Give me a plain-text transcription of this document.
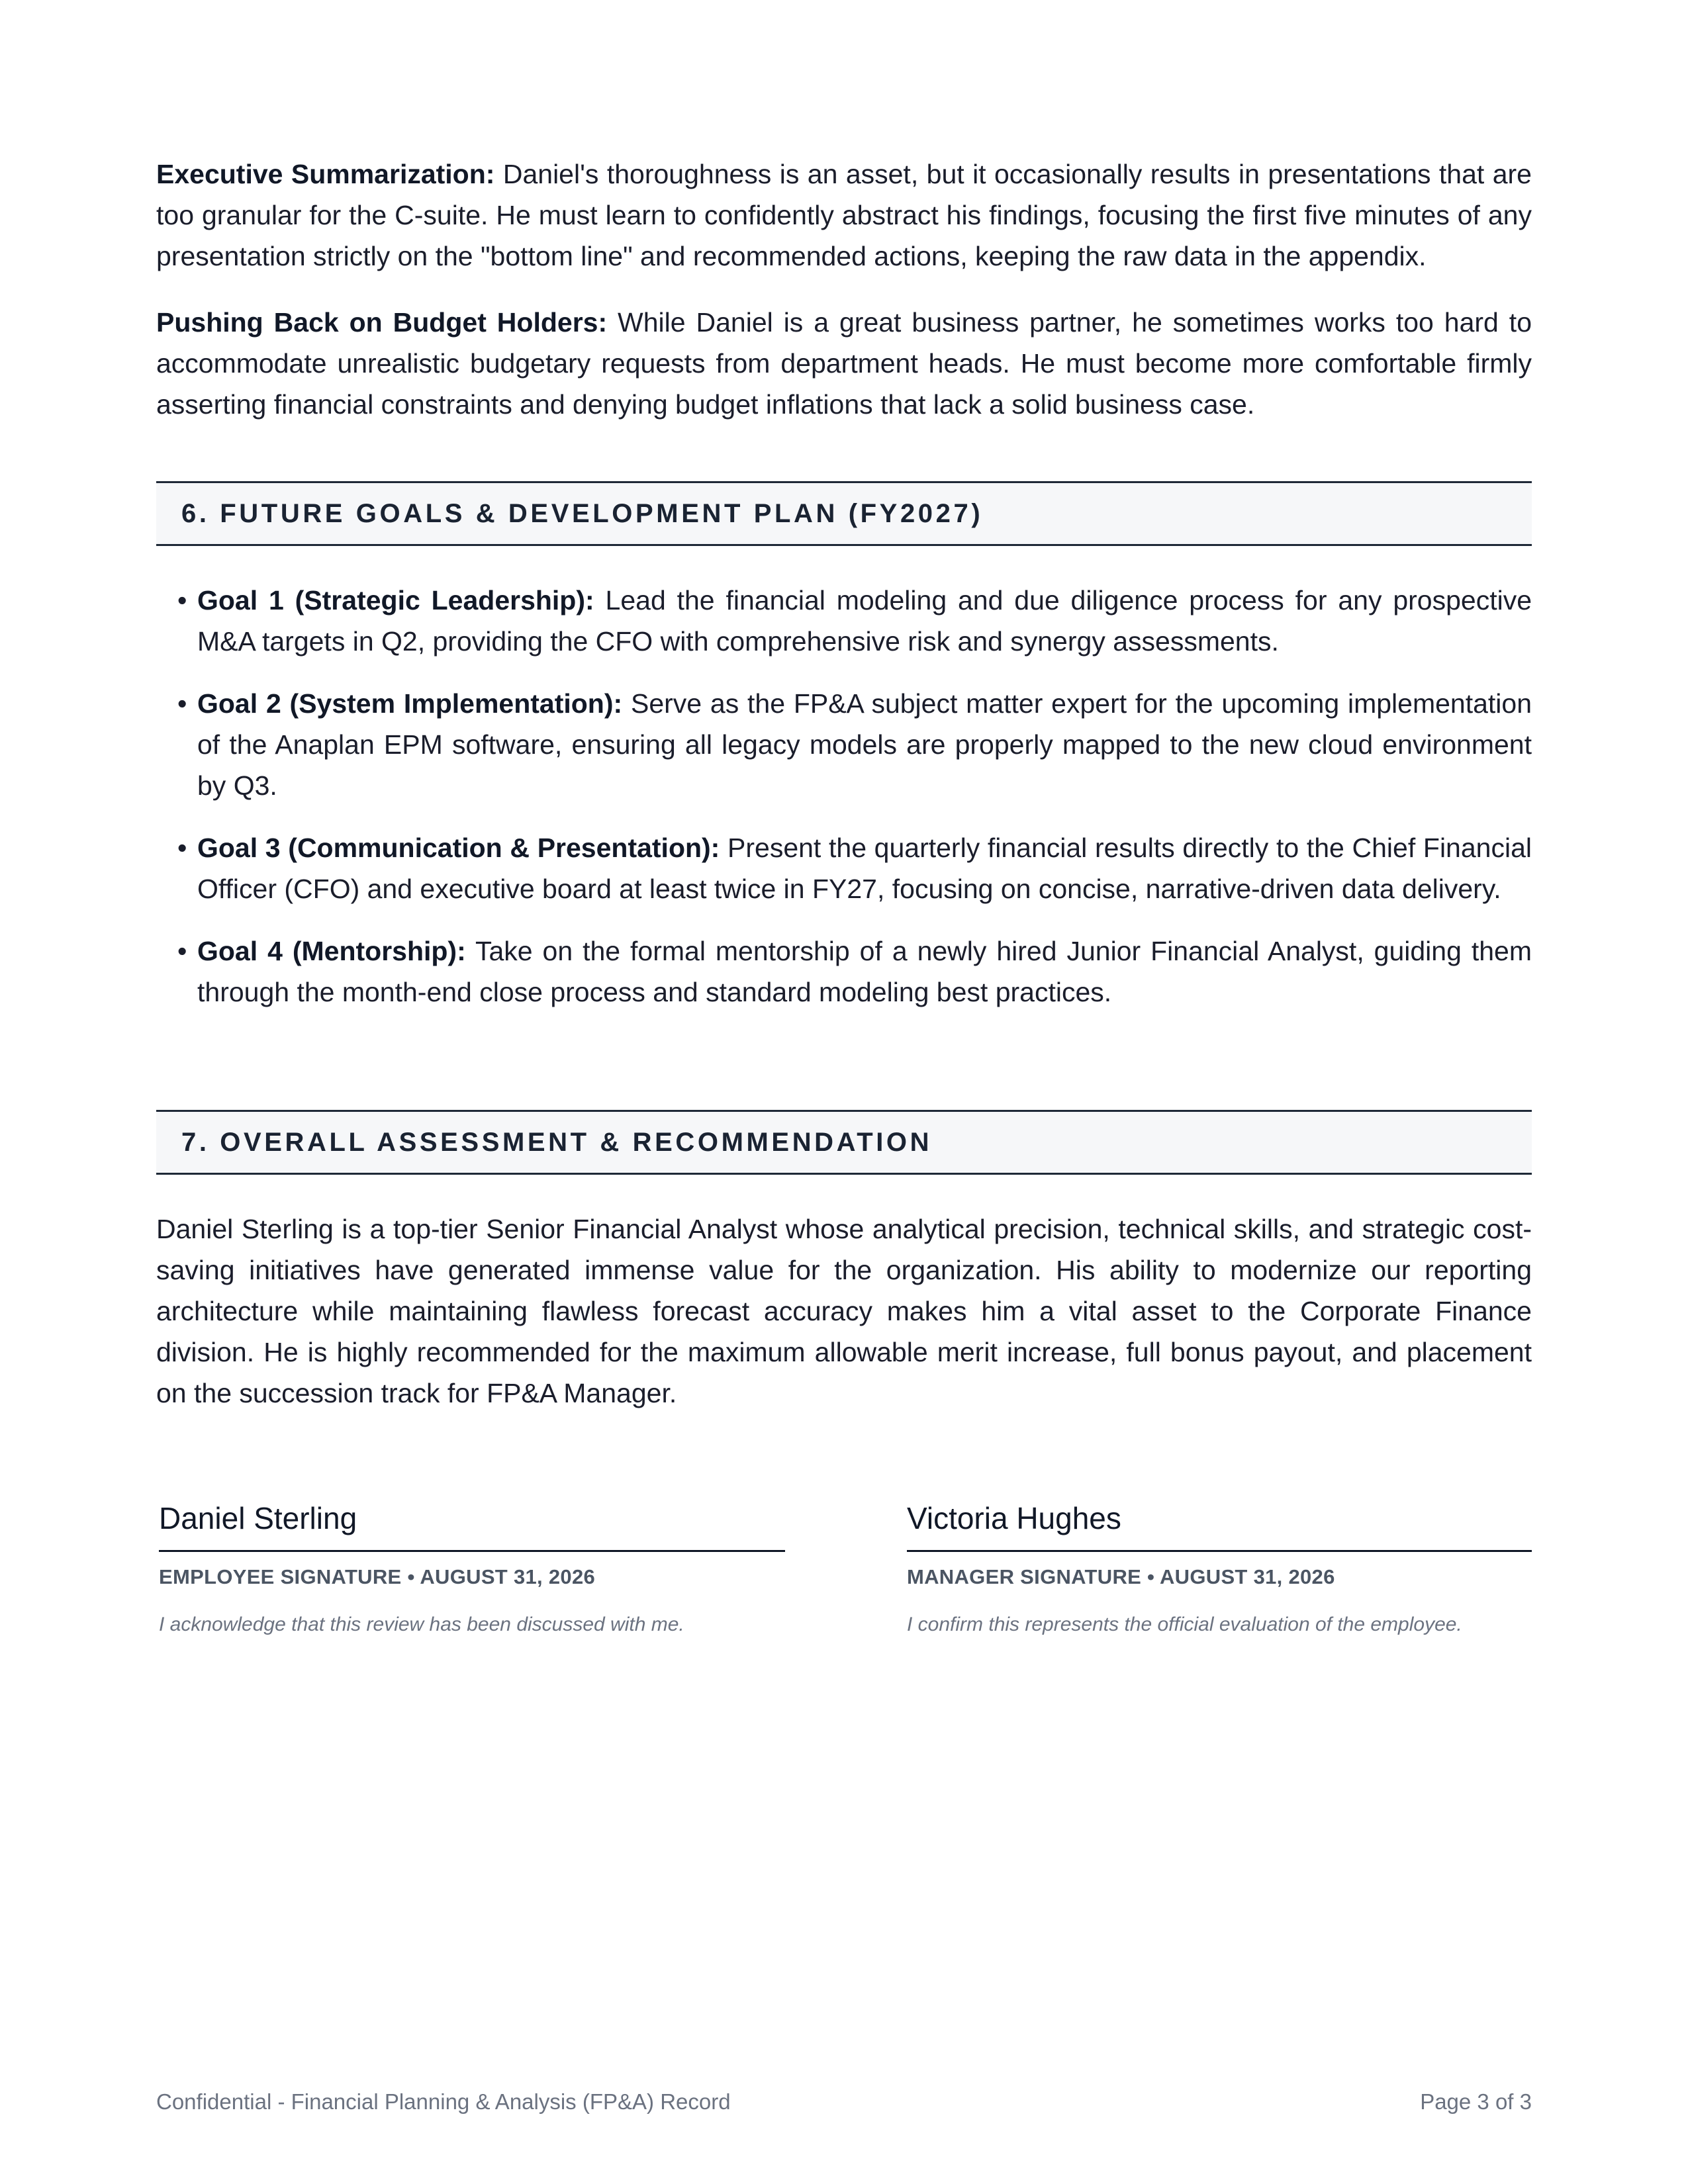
Executive Summarization: Daniel's thoroughness is an asset, but it occasionally results in presentations that are too granular for the C-suite. He must learn to confidently abstract his findings, focusing the first five minutes of any presentation strictly on the "bottom line" and recommended actions, keeping the raw data in the appendix.

Pushing Back on Budget Holders: While Daniel is a great business partner, he sometimes works too hard to accommodate unrealistic budgetary requests from department heads. He must become more comfortable firmly asserting financial constraints and denying budget inflations that lack a solid business case.

6. FUTURE GOALS & DEVELOPMENT PLAN (FY2027)
• Goal 1 (Strategic Leadership): Lead the financial modeling and due diligence process for any prospective M&A targets in Q2, providing the CFO with comprehensive risk and synergy assessments.
• Goal 2 (System Implementation): Serve as the FP&A subject matter expert for the upcoming implementation of the Anaplan EPM software, ensuring all legacy models are properly mapped to the new cloud environment by Q3.
• Goal 3 (Communication & Presentation): Present the quarterly financial results directly to the Chief Financial Officer (CFO) and executive board at least twice in FY27, focusing on concise, narrative-driven data delivery.
• Goal 4 (Mentorship): Take on the formal mentorship of a newly hired Junior Financial Analyst, guiding them through the month-end close process and standard modeling best practices.
7. OVERALL ASSESSMENT & RECOMMENDATION

Daniel Sterling is a top-tier Senior Financial Analyst whose analytical precision, technical skills, and strategic cost-saving initiatives have generated immense value for the organization. His ability to modernize our reporting architecture while maintaining flawless forecast accuracy makes him a vital asset to the Corporate Finance division. He is highly recommended for the maximum allowable merit increase, full bonus payout, and placement on the succession track for FP&A Manager.

Daniel Sterling
EMPLOYEE SIGNATURE • AUGUST 31, 2026
I acknowledge that this review has been discussed with me.
Victoria Hughes
MANAGER SIGNATURE • AUGUST 31, 2026
I confirm this represents the official evaluation of the employee.
Confidential - Financial Planning & Analysis (FP&A) Record	Page 3 of 3
